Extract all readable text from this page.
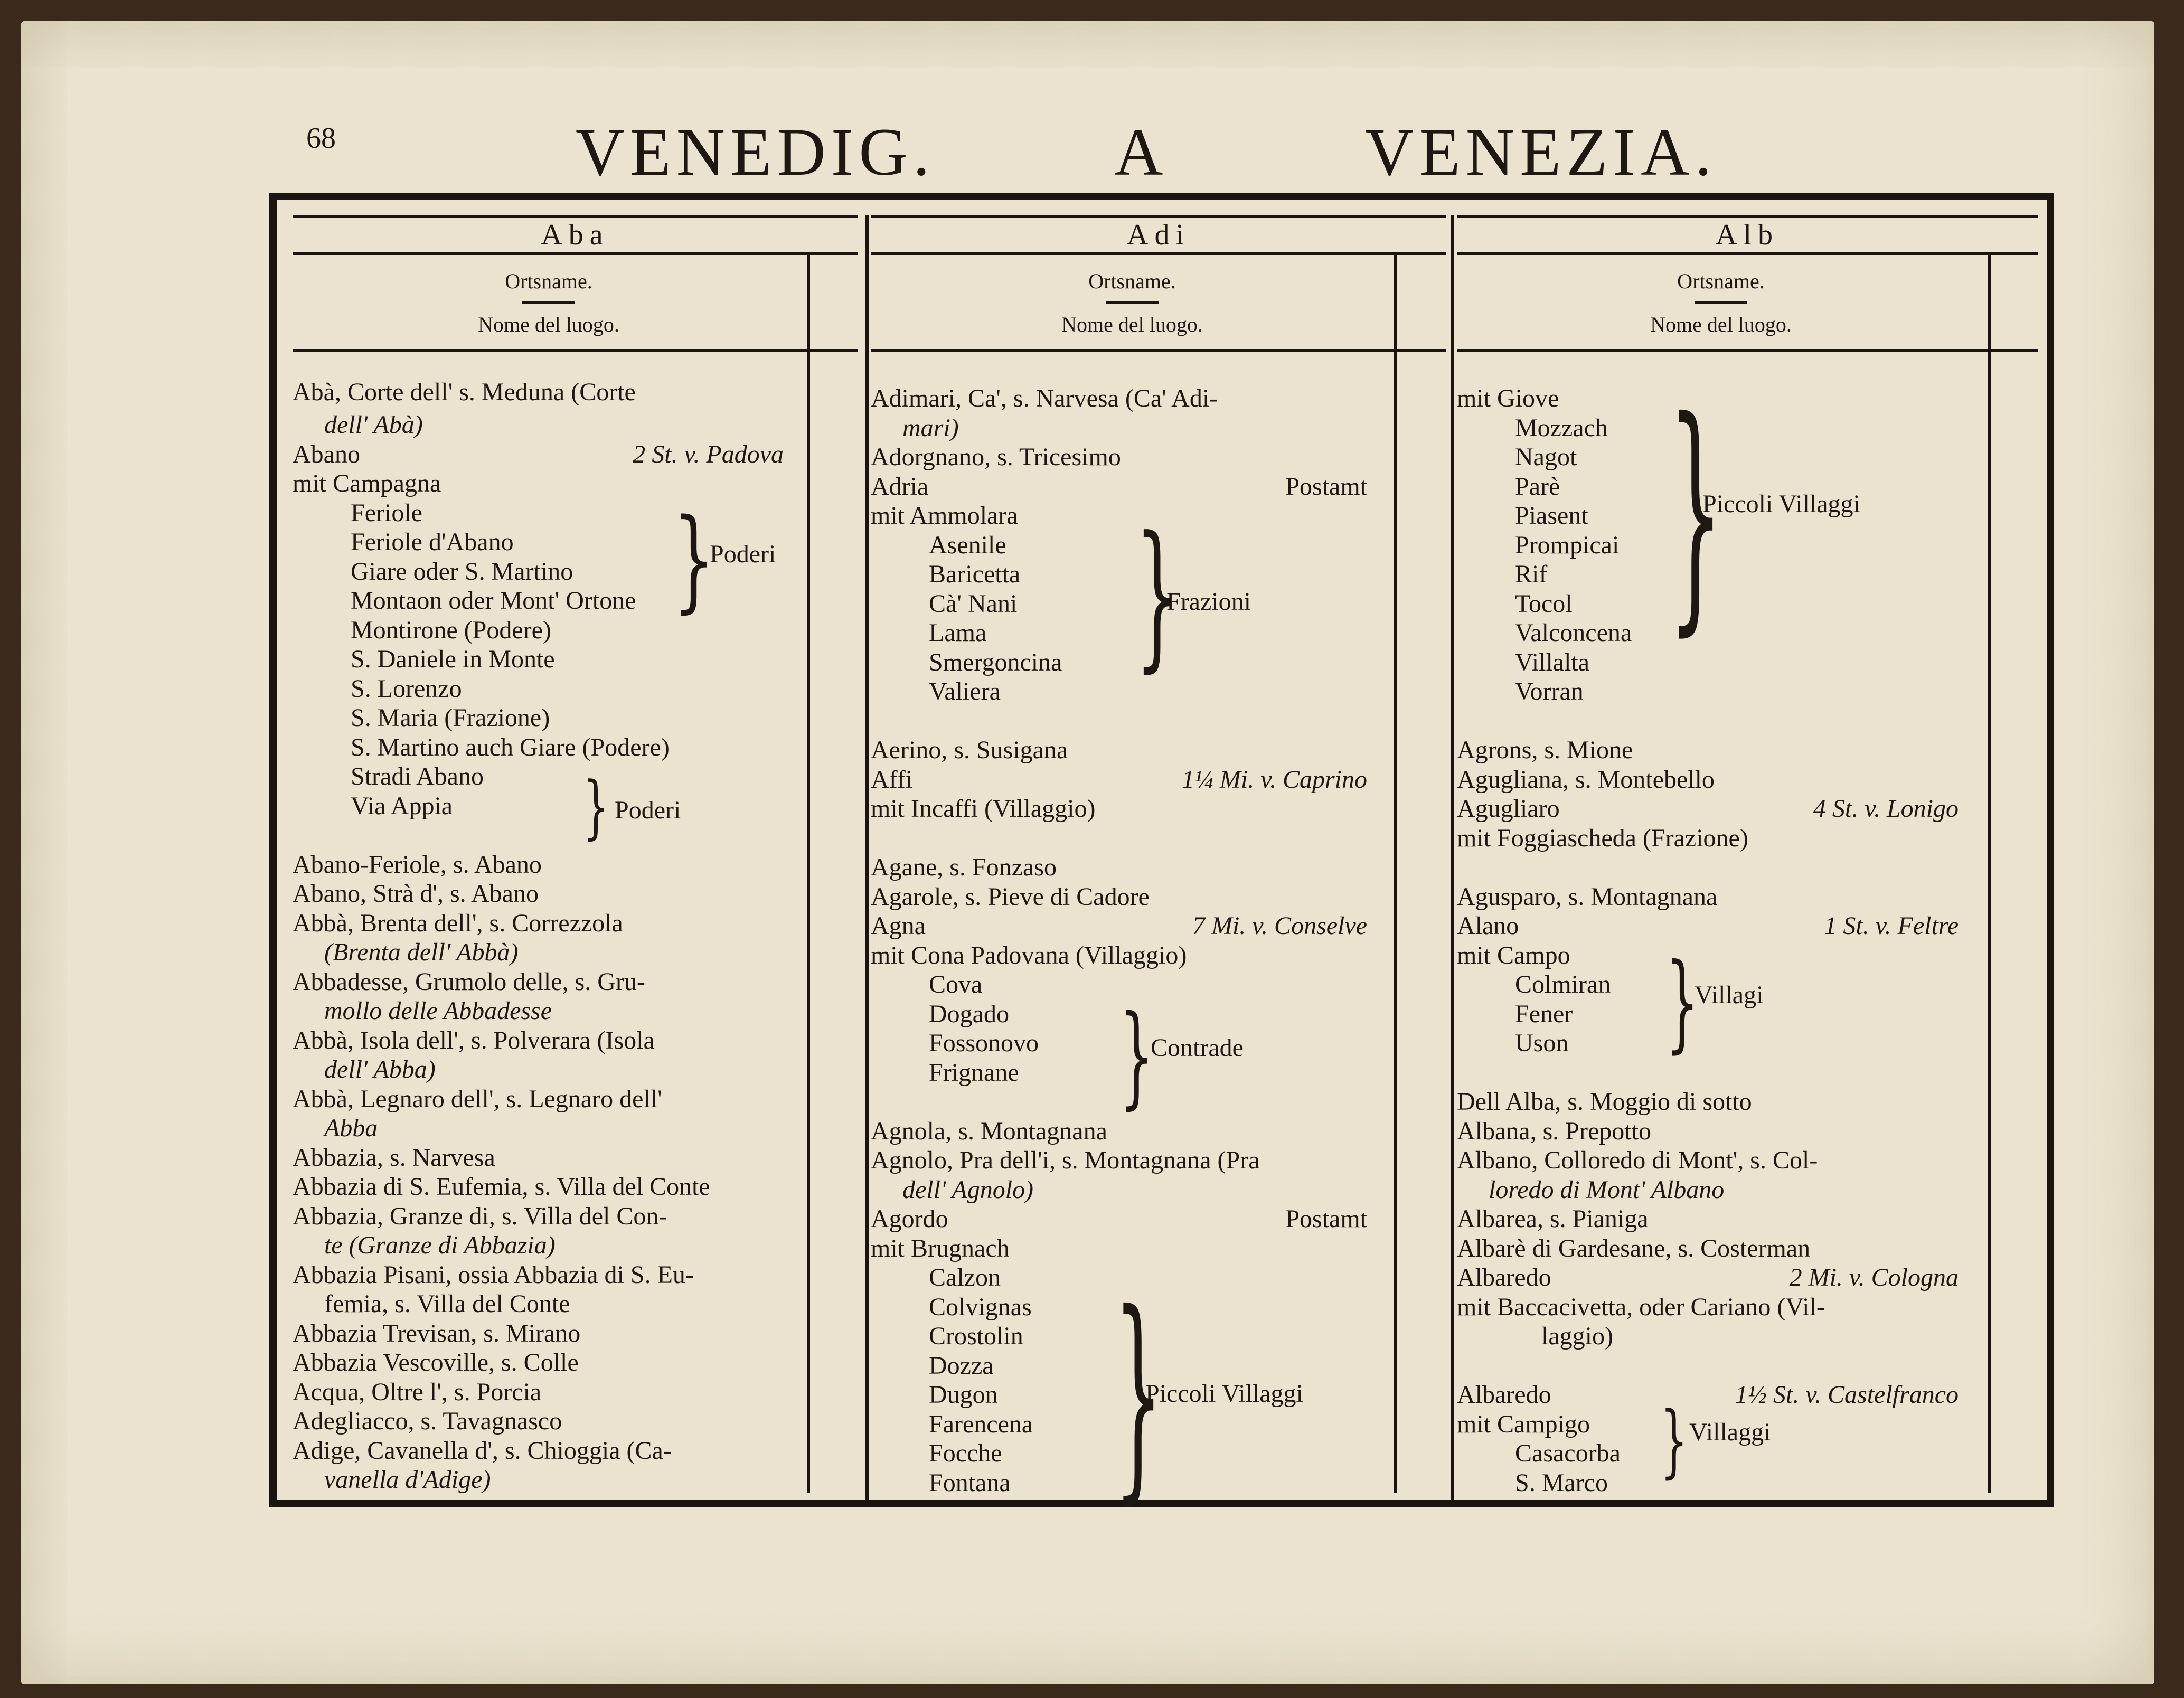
68	VENEDIG.	A	VENEZIA.
Aba
Ortsname.
Nome del luogo.
Abà, Corte dell' s. Meduna (Corte
dell' Abà)
Abano	2 St. v. Padova
mit Campagna
Feriole
Feriole d'Abano
Giare oder S. Martino
Montaon oder Mont' Ortone
Montirone (Podere)
S. Daniele in Monte
S. Lorenzo
S. Maria (Frazione)
S. Martino auch Giare (Podere)
Stradi Abano
Via Appia
Abano-Feriole, s. Abano
Abano, Strà d', s. Abano
Abbà, Brenta dell', s. Correzzola
(Brenta dell' Abbà)
Abbadesse, Grumolo delle, s. Gru-
mollo delle Abbadesse
Abbà, Isola dell', s. Polverara (Isola
dell' Abba)
Abbà, Legnaro dell', s. Legnaro dell'
Abba
Abbazia, s. Narvesa
Abbazia di S. Eufemia, s. Villa del Conte
Abbazia, Granze di, s. Villa del Con-
te (Granze di Abbazia)
Abbazia Pisani, ossia Abbazia di S. Eu-
femia, s. Villa del Conte
Abbazia Trevisan, s. Mirano
Abbazia Vescoville, s. Colle
Acqua, Oltre l', s. Porcia
Adegliacco, s. Tavagnasco
Adige, Cavanella d', s. Chioggia (Ca-
vanella d'Adige)
}
Poderi
} Poderi
Adi
Ortsname.
Nome del luogo.
Adimari, Ca', s. Narvesa (Ca' Adi-
mari)
Adorgnano, s. Tricesimo
Adria	Postamt
mit Ammolara
Asenile
Baricetta
Cà' Nani
Lama
Smergoncina
Valiera
Aerino, s. Susigana
Affi	1¼ Mi. v. Caprino
mit Incaffi (Villaggio)
Agane, s. Fonzaso
Agarole, s. Pieve di Cadore
Agna	7 Mi. v. Conselve
mit Cona Padovana (Villaggio)
Cova
Dogado
Fossonovo
Frignane
Agnola, s. Montagnana
Agnolo, Pra dell'i, s. Montagnana (Pra
dell' Agnolo)
Agordo	Postamt
mit Brugnach
Calzon
Colvignas
Crostolin
Dozza
Dugon
Farencena
Focche
Fontana
}
Frazioni
}
Contrade
}
Piccoli Villaggi
Alb
Ortsname.
Nome del luogo.
mit Giove
Mozzach
Nagot
Parè
Piasent
Prompicai
Rif
Tocol
Valconcena
Villalta
Vorran
Agrons, s. Mione
Agugliana, s. Montebello
Agugliaro	4 St. v. Lonigo
mit Foggiascheda (Frazione)
Agusparo, s. Montagnana
Alano	1 St. v. Feltre
mit Campo
Colmiran
Fener
Uson
Dell Alba, s. Moggio di sotto
Albana, s. Prepotto
Albano, Colloredo di Mont', s. Col-
loredo di Mont' Albano
Albarea, s. Pianiga
Albarè di Gardesane, s. Costerman
Albaredo	2 Mi. v. Cologna
mit Baccacivetta, oder Cariano (Vil-
laggio)
Albaredo	1½ St. v. Castelfranco
mit Campigo
Casacorba
S. Marco
}
Piccoli Villaggi
}
Villagi
} Villaggi
